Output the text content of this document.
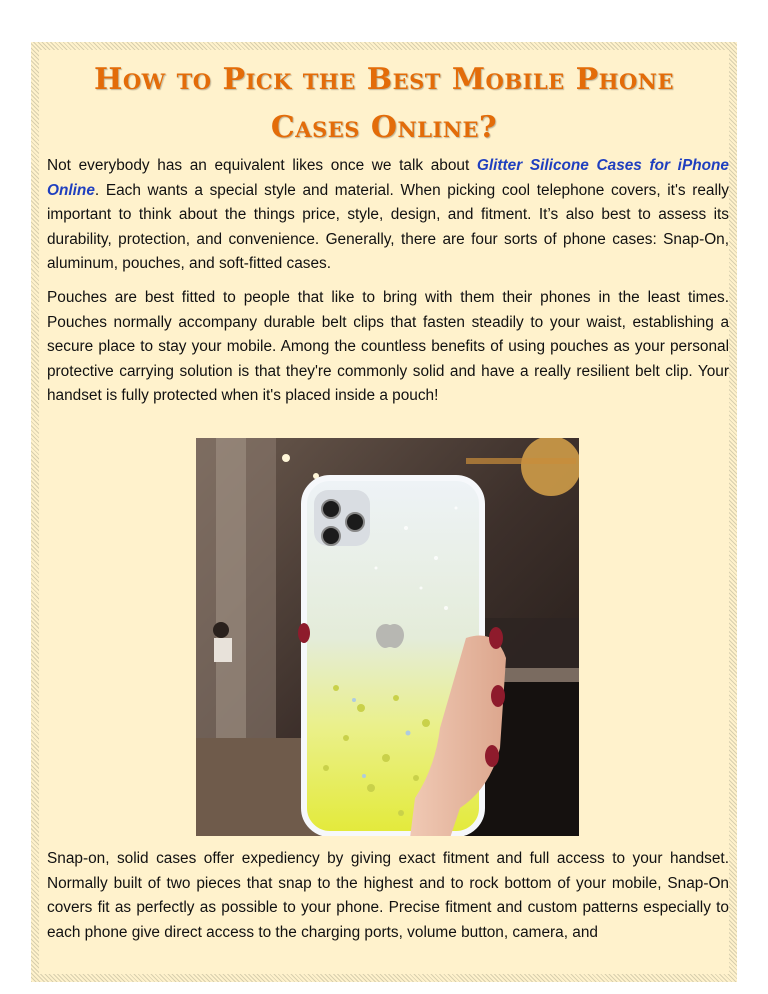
How to Pick the Best Mobile Phone
Cases Online?

Not everybody has an equivalent likes once we talk about Glitter Silicone Cases for iPhone Online. Each wants a special style and material. When picking cool telephone covers, it's really important to think about the things price, style, design, and fitment. It’s also best to assess its durability, protection, and convenience. Generally, there are four sorts of phone cases: Snap-On, aluminum, pouches, and soft-fitted cases.

Pouches are best fitted to people that like to bring with them their phones in the least times. Pouches normally accompany durable belt clips that fasten steadily to your waist, establishing a secure place to stay your mobile. Among the countless benefits of using pouches as your personal protective carrying solution is that they're commonly solid and have a really resilient belt clip. Your handset is fully protected when it's placed inside a pouch!

Snap-on, solid cases offer expediency by giving exact fitment and full access to your handset. Normally built of two pieces that snap to the highest and to rock bottom of your mobile, Snap-On covers fit as perfectly as possible to your phone. Precise fitment and custom patterns especially to each phone give direct access to the charging ports, volume button, camera, and
